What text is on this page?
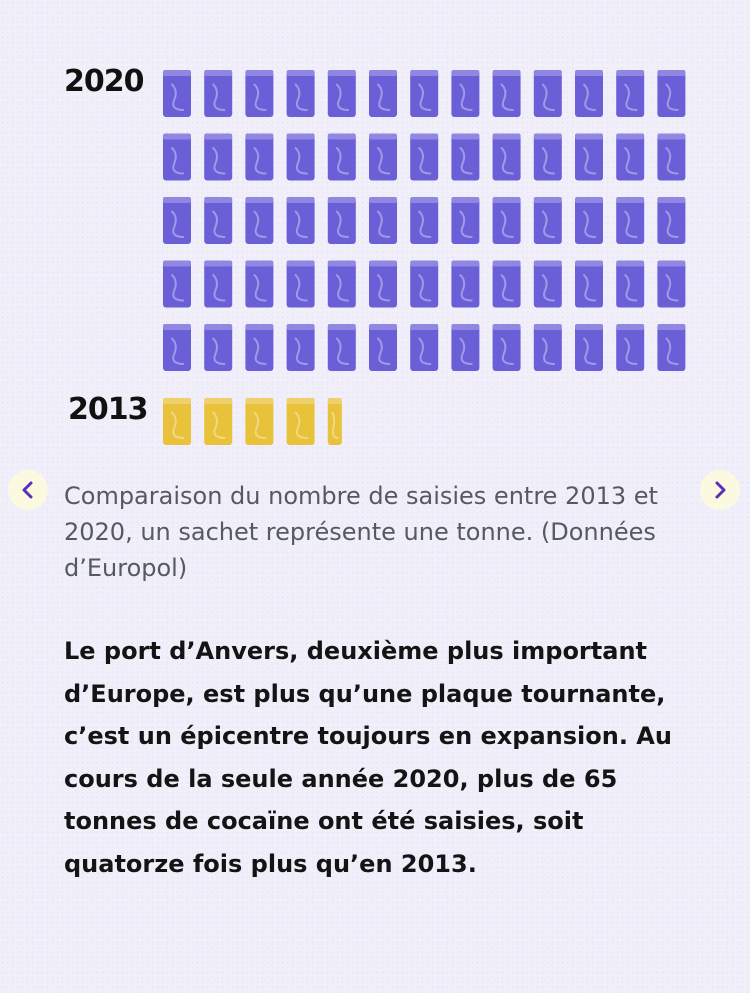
2020
2013

Comparaison du nombre de saisies entre 2013 et 2020, un sachet représente une tonne. (Données d’Europol)

Le port d’Anvers, deuxième plus important d’Europe, est plus qu’une plaque tournante, c’est un épicentre toujours en expansion. Au cours de la seule année 2020, plus de 65 tonnes de cocaïne ont été saisies, soit quatorze fois plus qu’en 2013.
